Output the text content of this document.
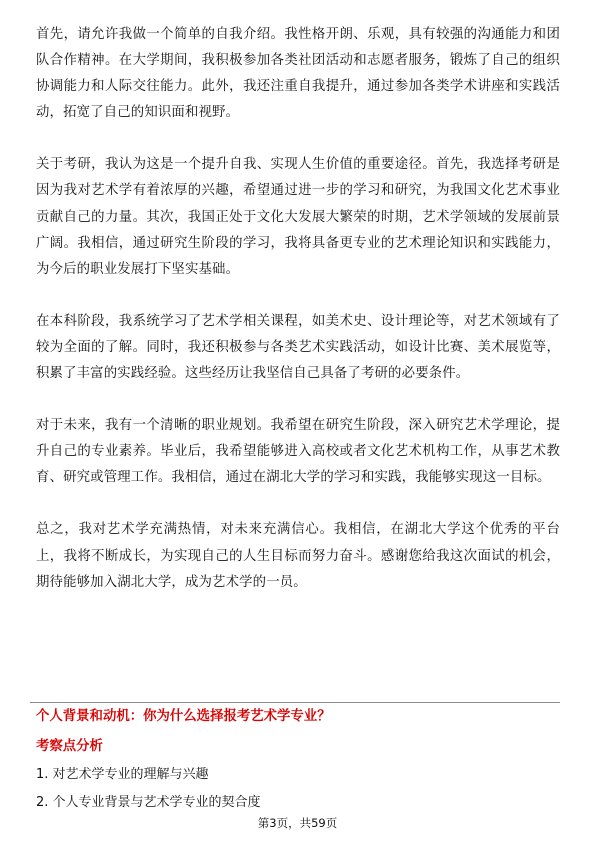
首先，请允许我做一个简单的自我介绍。我性格开朗、乐观，具有较强的沟通能力和团队合作精神。在大学期间，我积极参加各类社团活动和志愿者服务，锻炼了自己的组织协调能力和人际交往能力。此外，我还注重自我提升，通过参加各类学术讲座和实践活动，拓宽了自己的知识面和视野。

关于考研，我认为这是一个提升自我、实现人生价值的重要途径。首先，我选择考研是因为我对艺术学有着浓厚的兴趣，希望通过进一步的学习和研究，为我国文化艺术事业贡献自己的力量。其次，我国正处于文化大发展大繁荣的时期，艺术学领域的发展前景广阔。我相信，通过研究生阶段的学习，我将具备更专业的艺术理论知识和实践能力，为今后的职业发展打下坚实基础。

在本科阶段，我系统学习了艺术学相关课程，如美术史、设计理论等，对艺术领域有了较为全面的了解。同时，我还积极参与各类艺术实践活动，如设计比赛、美术展览等，积累了丰富的实践经验。这些经历让我坚信自己具备了考研的必要条件。

对于未来，我有一个清晰的职业规划。我希望在研究生阶段，深入研究艺术学理论，提升自己的专业素养。毕业后，我希望能够进入高校或者文化艺术机构工作，从事艺术教育、研究或管理工作。我相信，通过在湖北大学的学习和实践，我能够实现这一目标。

总之，我对艺术学充满热情，对未来充满信心。我相信，在湖北大学这个优秀的平台上，我将不断成长，为实现自己的人生目标而努力奋斗。感谢您给我这次面试的机会，期待能够加入湖北大学，成为艺术学的一员。

个人背景和动机：你为什么选择报考艺术学专业？

考察点分析

1. 对艺术学专业的理解与兴趣
2. 个人专业背景与艺术学专业的契合度
第3页，共59页
